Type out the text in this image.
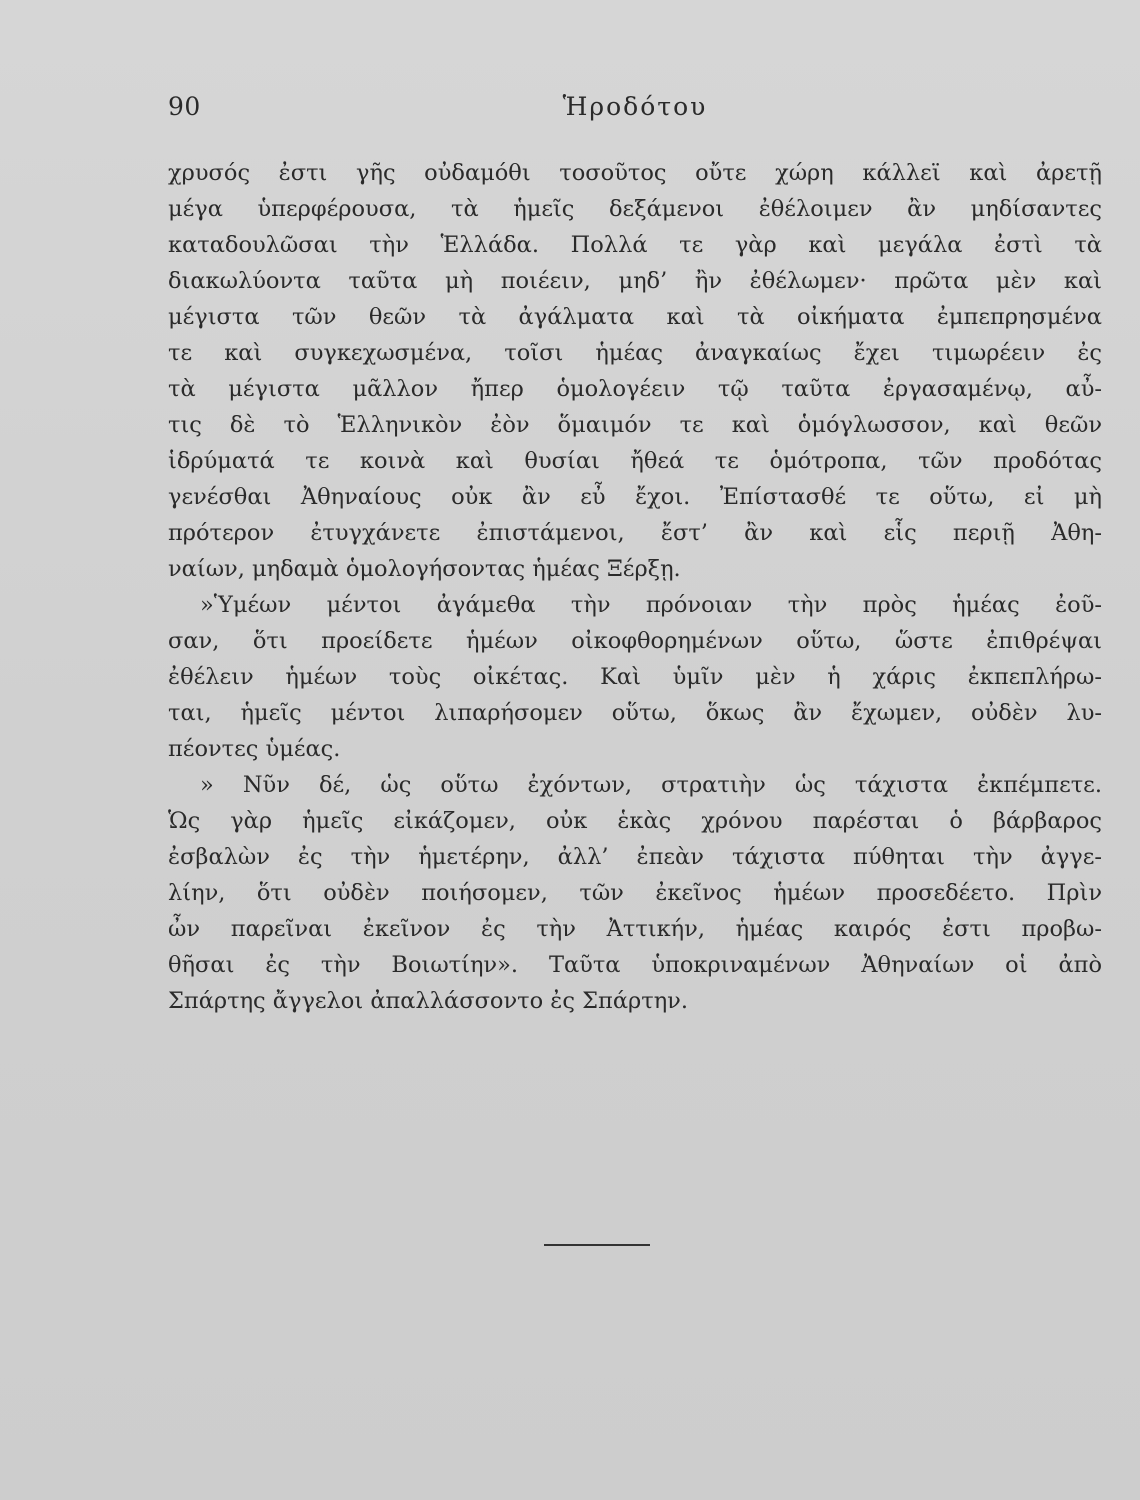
90	Ἡροδότου
χρυσός ἐστι γῆς οὐδαμόθι τοσοῦτος οὔτε χώρη κάλλεϊ καὶ ἀρετῇ
μέγα ὑπερφέρουσα, τὰ ἡμεῖς δεξάμενοι ἐθέλοιμεν ἂν μηδίσαντες
καταδουλῶσαι τὴν Ἑλλάδα. Πολλά τε γὰρ καὶ μεγάλα ἐστὶ τὰ
διακωλύοντα ταῦτα μὴ ποιέειν, μηδ’ ἢν ἐθέλωμεν· πρῶτα μὲν καὶ
μέγιστα τῶν θεῶν τὰ ἀγάλματα καὶ τὰ οἰκήματα ἐμπεπρησμένα
τε καὶ συγκεχωσμένα, τοῖσι ἡμέας ἀναγκαίως ἔχει τιμωρέειν ἐς
τὰ μέγιστα μᾶλλον ἤπερ ὁμολογέειν τῷ ταῦτα ἐργασαμένῳ, αὖ-
τις δὲ τὸ Ἑλληνικὸν ἐὸν ὅμαιμόν τε καὶ ὁμόγλωσσον, καὶ θεῶν
ἱδρύματά τε κοινὰ καὶ θυσίαι ἤθεά τε ὁμότροπα, τῶν προδότας
γενέσθαι Ἀθηναίους οὐκ ἂν εὖ ἔχοι. Ἐπίστασθέ τε οὕτω, εἰ μὴ
πρότερον ἐτυγχάνετε ἐπιστάμενοι, ἔστ’ ἂν καὶ εἷς περιῇ Ἀθη-
ναίων, μηδαμὰ ὁμολογήσοντας ἡμέας Ξέρξῃ.
»Ὑμέων μέντοι ἀγάμεθα τὴν πρόνοιαν τὴν πρὸς ἡμέας ἐοῦ-
σαν, ὅτι προείδετε ἡμέων οἰκοφθορημένων οὕτω, ὥστε ἐπιθρέψαι
ἐθέλειν ἡμέων τοὺς οἰκέτας. Καὶ ὑμῖν μὲν ἡ χάρις ἐκπεπλήρω-
ται, ἡμεῖς μέντοι λιπαρήσομεν οὕτω, ὅκως ἂν ἔχωμεν, οὐδὲν λυ-
πέοντες ὑμέας.
» Νῦν δέ, ὡς οὕτω ἐχόντων, στρατιὴν ὡς τάχιστα ἐκπέμπετε.
Ὡς γὰρ ἡμεῖς εἰκάζομεν, οὐκ ἑκὰς χρόνου παρέσται ὁ βάρβαρος
ἐσβαλὼν ἐς τὴν ἡμετέρην, ἀλλ’ ἐπεὰν τάχιστα πύθηται τὴν ἀγγε-
λίην, ὅτι οὐδὲν ποιήσομεν, τῶν ἐκεῖνος ἡμέων προσεδέετο. Πρὶν
ὦν παρεῖναι ἐκεῖνον ἐς τὴν Ἀττικήν, ἡμέας καιρός ἐστι προβω-
θῆσαι ἐς τὴν Βοιωτίην». Ταῦτα ὑποκριναμένων Ἀθηναίων οἱ ἀπὸ
Σπάρτης ἄγγελοι ἀπαλλάσσοντο ἐς Σπάρτην.
